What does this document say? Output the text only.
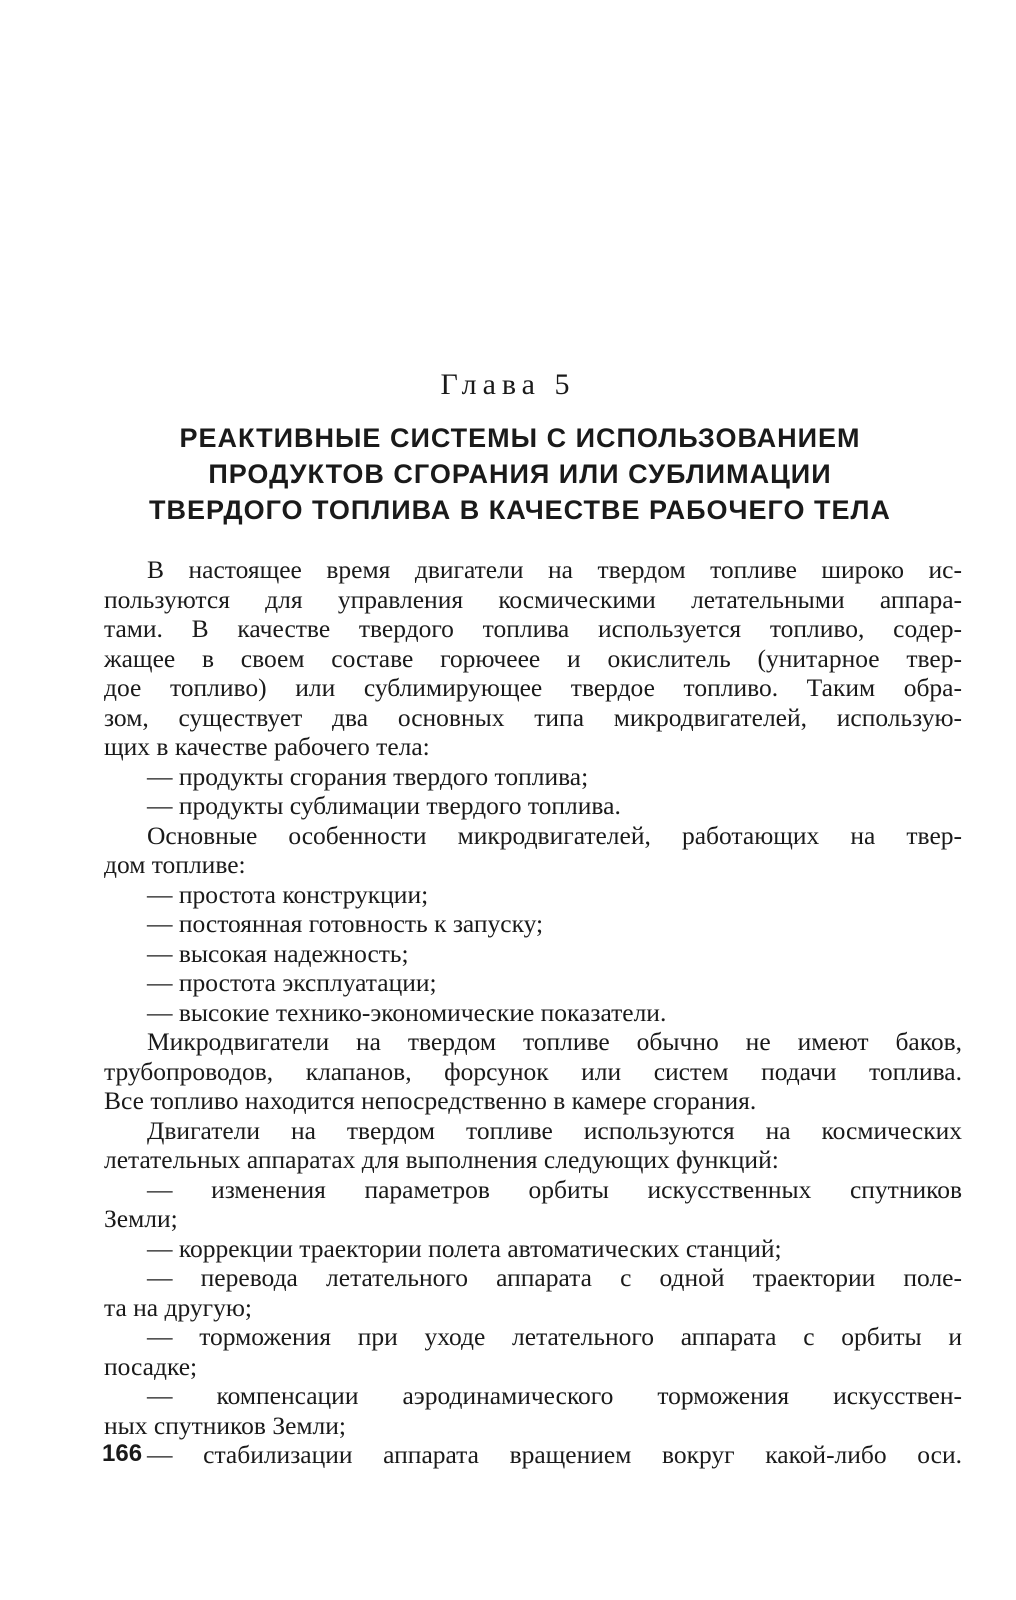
Глава 5
РЕАКТИВНЫЕ СИСТЕМЫ С ИСПОЛЬЗОВАНИЕМ
ПРОДУКТОВ СГОРАНИЯ ИЛИ СУБЛИМАЦИИ
ТВЕРДОГО ТОПЛИВА В КАЧЕСТВЕ РАБОЧЕГО ТЕЛА
В настоящее время двигатели на твердом топливе широко ис-
пользуются для управления космическими летательными аппара-
тами. В качестве твердого топлива используется топливо, содер-
жащее в своем составе горючеее и окислитель (унитарное твер-
дое топливо) или сублимирующее твердое топливо. Таким обра-
зом, существует два основных типа микродвигателей, использую-
щих в качестве рабочего тела:
— продукты сгорания твердого топлива;
— продукты сублимации твердого топлива.
Основные особенности микродвигателей, работающих на твер-
дом топливе:
— простота конструкции;
— постоянная готовность к запуску;
— высокая надежность;
— простота эксплуатации;
— высокие технико-экономические показатели.
Микродвигатели на твердом топливе обычно не имеют баков,
трубопроводов, клапанов, форсунок или систем подачи топлива.
Все топливо находится непосредственно в камере сгорания.
Двигатели на твердом топливе используются на космических
летательных аппаратах для выполнения следующих функций:
— изменения параметров орбиты искусственных спутников
Земли;
— коррекции траектории полета автоматических станций;
— перевода летательного аппарата с одной траектории поле-
та на другую;
— торможения при уходе летательного аппарата с орбиты и
посадке;
— компенсации аэродинамического торможения искусствен-
ных спутников Земли;
— стабилизации аппарата вращением вокруг какой-либо оси.
166
